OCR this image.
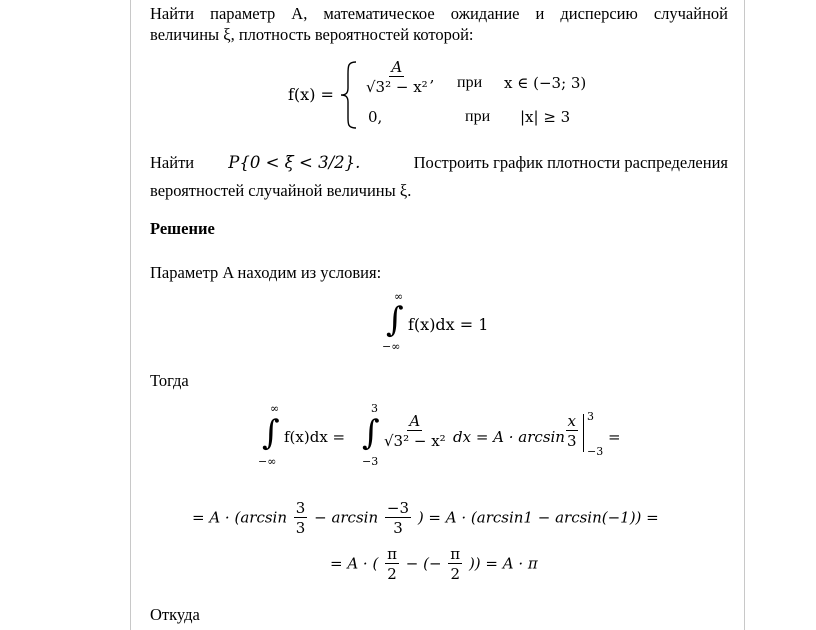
Найти параметр A, математическое ожидание и дисперсию случайной
величины ξ, плотность вероятностей которой:
$f(x) = \frac{A}{\text{√3² − x²}}$ , при x ∈ (−3; 3)
0,	при |x| ≥ 3
Найти P{0 < ξ < 3/2}.	Построить график плотности распределения
вероятностей случайной величины ξ.
Решение
Параметр A находим из условия:
∞
∫
−∞
f(x)dx = 1
Тогда
∞
∫
−∞
f(x)dx =
3
∫
−3
$\frac{A}{\text{√3² − x²}}$ dx = $A \cdot \arcsin \frac{x}{3} 3$
−3
=
= $A \cdot (\arcsin \frac{3}{3} - \arcsin \frac{-3}{3}$ ) = A · (arcsin1 − arcsin(−1)) =
= A · ( $\frac{\pi}{2}$ − (− $\frac{\pi}{2}$ )) = A · π
Откуда
